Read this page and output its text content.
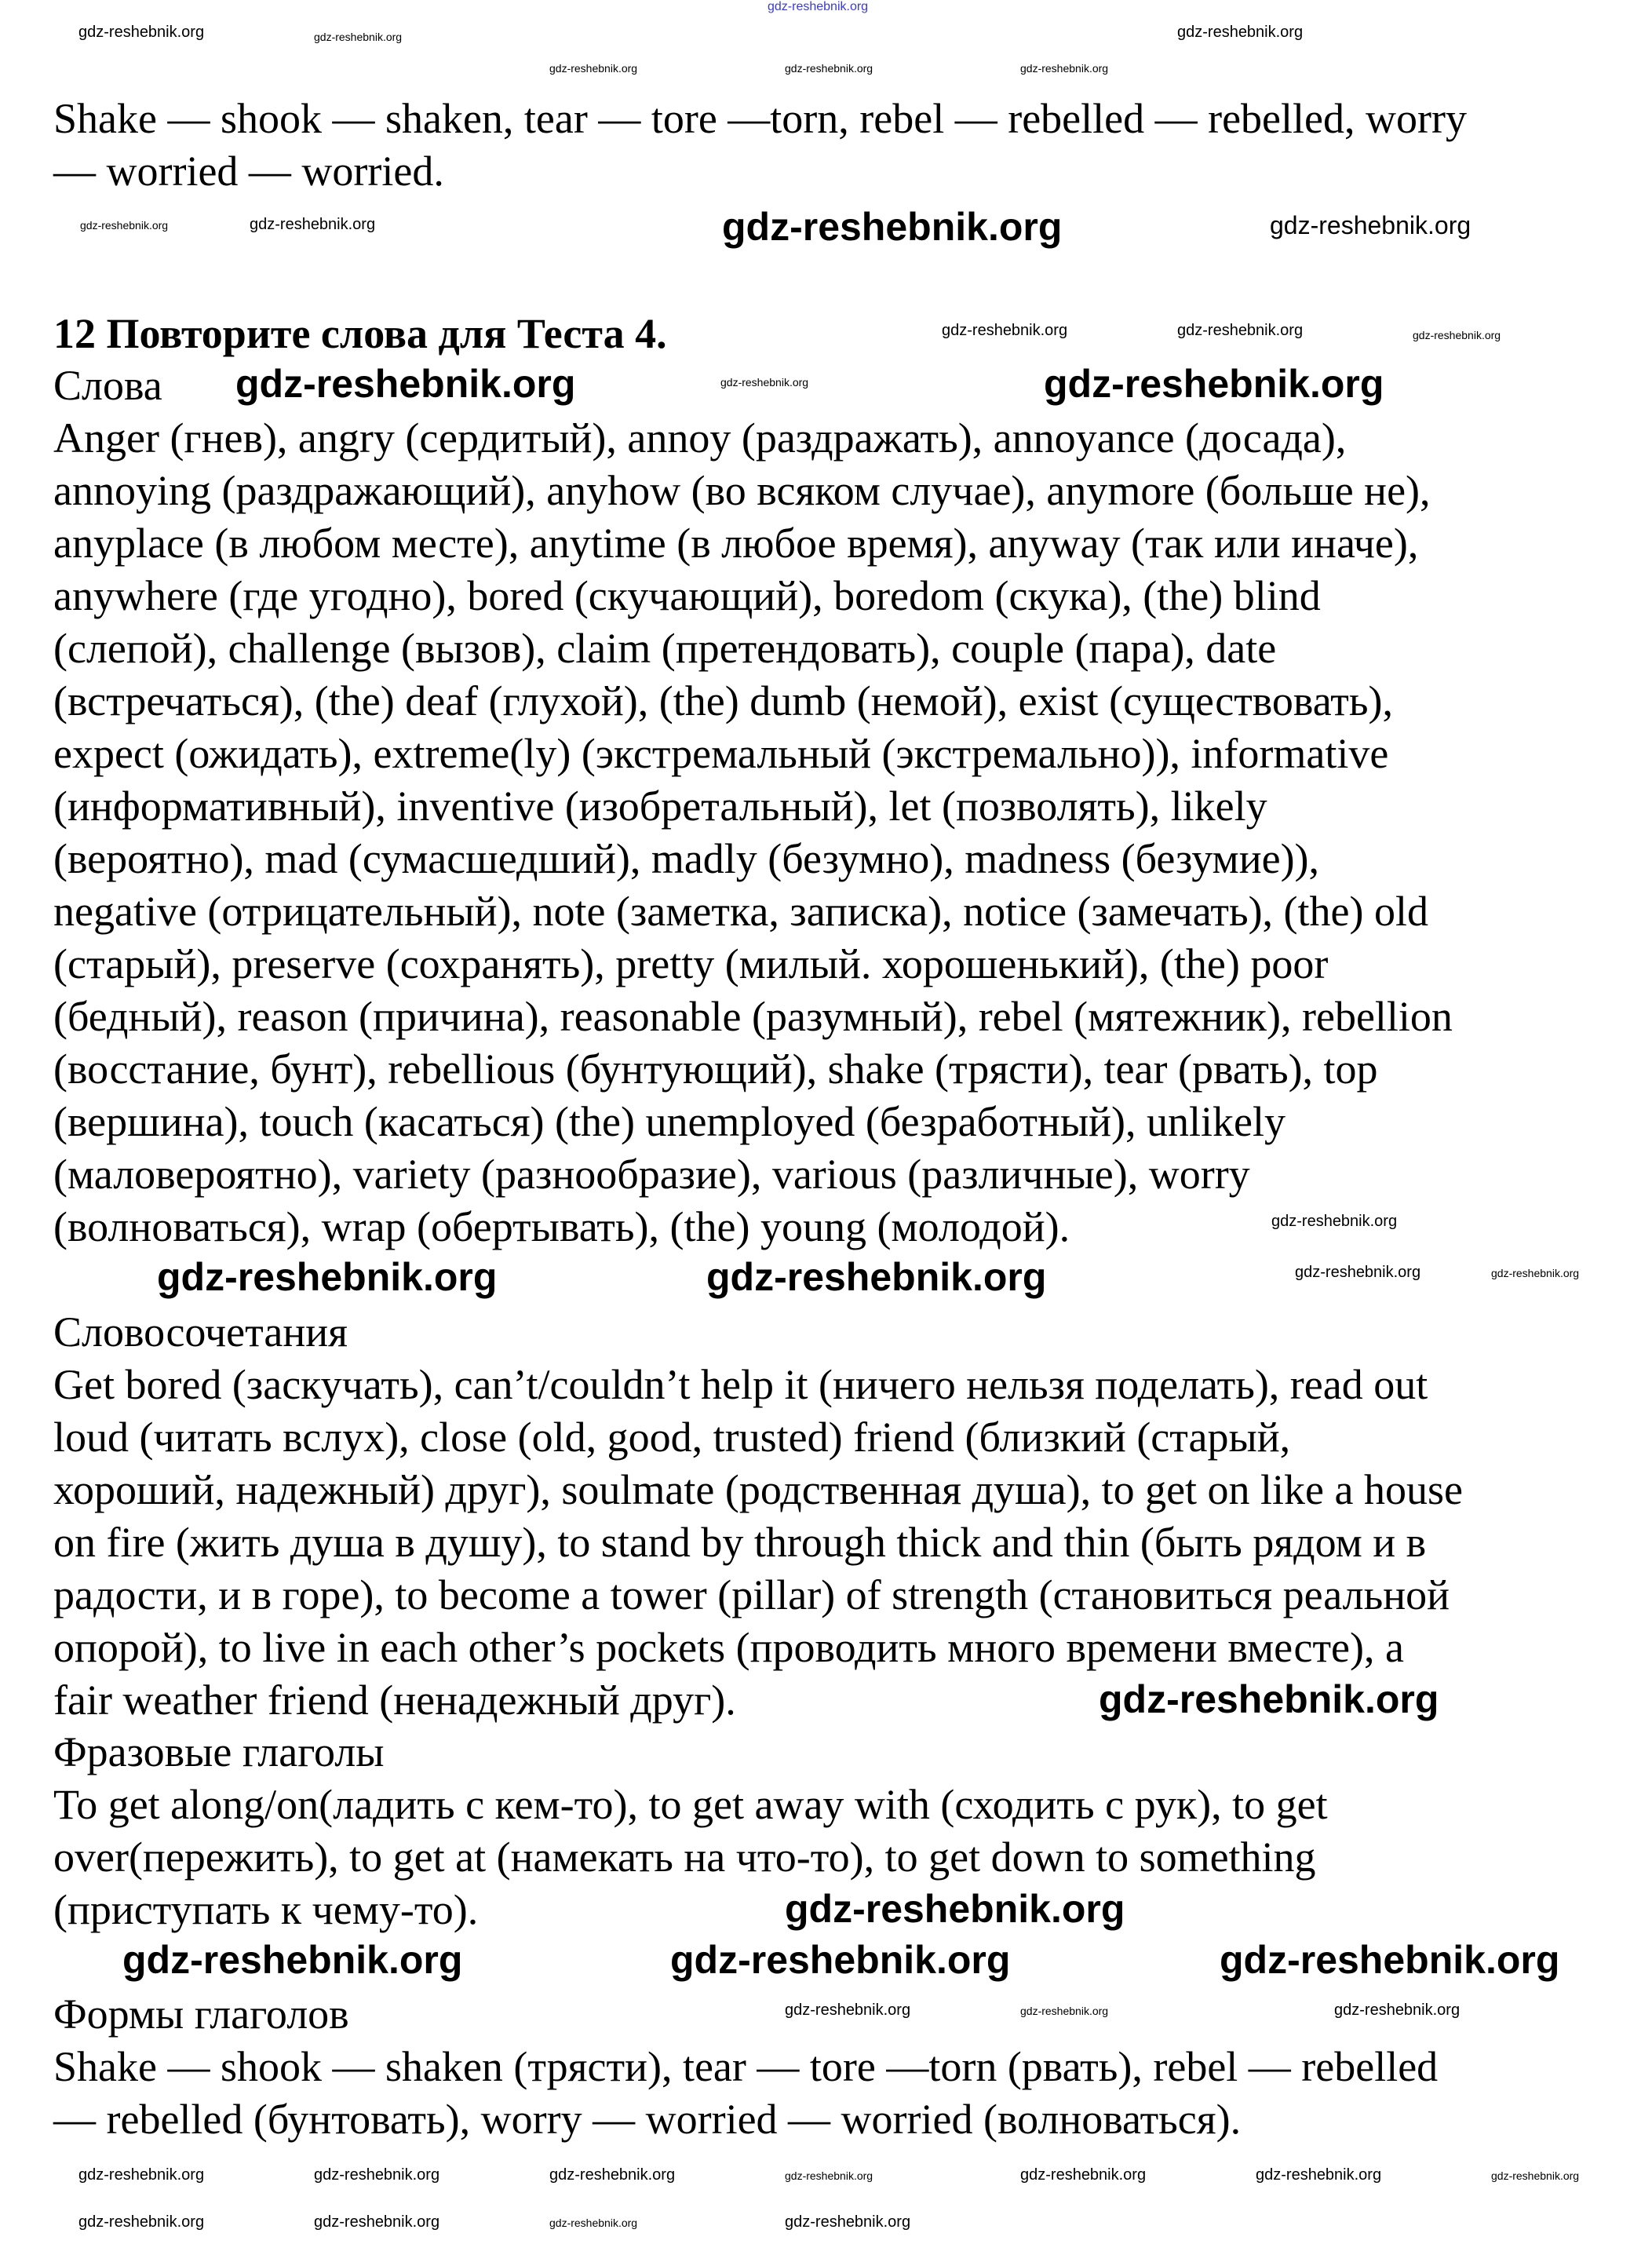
Shake — shook — shaken, tear — tore —torn, rebel — rebelled — rebelled, worry
— worried — worried.
12 Повторите слова для Теста 4.
Слова
Anger (гнев), angry (сердитый), annoy (раздражать), annoyance (досада),
annoying (раздражающий), anyhow (во всяком случае), anymore (больше не),
anyplace (в любом месте), anytime (в любое время), anyway (так или иначе),
anywhere (где угодно), bored (скучающий), boredom (скука), (the) blind
(слепой), challenge (вызов), claim (претендовать), couple (пара), date
(встречаться), (the) deaf (глухой), (the) dumb (немой), exist (существовать),
expect (ожидать), extreme(ly) (экстремальный (экстремально)), informative
(информативный), inventive (изобретальный), let (позволять), likely
(вероятно), mad (сумасшедший), madly (безумно), madness (безумие)),
negative (отрицательный), note (заметка, записка), notice (замечать), (the) old
(старый), preserve (сохранять), pretty (милый. хорошенький), (the) poor
(бедный), reason (причина), reasonable (разумный), rebel (мятежник), rebellion
(восстание, бунт), rebellious (бунтующий), shake (трясти), tear (рвать), top
(вершина), touch (касаться) (the) unemployed (безработный), unlikely
(маловероятно), variety (разнообразие), various (различные), worry
(волноваться), wrap (обертывать), (the) young (молодой).
Словосочетания
Get bored (заскучать), can’t/couldn’t help it (ничего нельзя поделать), read out
loud (читать вслух), close (old, good, trusted) friend (близкий (старый,
хороший, надежный) друг), soulmate (родственная душа), to get on like a house
on fire (жить душа в душу), to stand by through thick and thin (быть рядом и в
радости, и в горе), to become a tower (pillar) of strength (становиться реальной
опорой), to live in each other’s pockets (проводить много времени вместе), a
fair weather friend (ненадежный друг).
Фразовые глаголы
To get along/on(ладить с кем-то), to get away with (сходить с рук), to get
over(пережить), to get at (намекать на что-то), to get down to something
(приступать к чему-то).
Формы глаголов
Shake — shook — shaken (трясти), tear — tore —torn (рвать), rebel — rebelled
— rebelled (бунтовать), worry — worried — worried (волноваться).
gdz-reshebnik.org
gdz-reshebnik.org	gdz-reshebnik.org
gdz-reshebnik.org
gdz-reshebnik.org
gdz-reshebnik.org	gdz-reshebnik.org	gdz-reshebnik.org
gdz-reshebnik.org	gdz-reshebnik.org	gdz-reshebnik.org
gdz-reshebnik.org	gdz-reshebnik.org	gdz-reshebnik.org
gdz-reshebnik.org
gdz-reshebnik.org	gdz-reshebnik.org
gdz-reshebnik.org
gdz-reshebnik.org	gdz-reshebnik.org
gdz-reshebnik.org	gdz-reshebnik.org	gdz-reshebnik.org	gdz-reshebnik.org	gdz-reshebnik.org	gdz-reshebnik.org	gdz-reshebnik.org
gdz-reshebnik.org
gdz-reshebnik.org
gdz-reshebnik.org
gdz-reshebnik.org
gdz-reshebnik.org	gdz-reshebnik.org	gdz-reshebnik.org
gdz-reshebnik.org
gdz-reshebnik.org
gdz-reshebnik.org
gdz-reshebnik.org
gdz-reshebnik.org	gdz-reshebnik.org
gdz-reshebnik.org
